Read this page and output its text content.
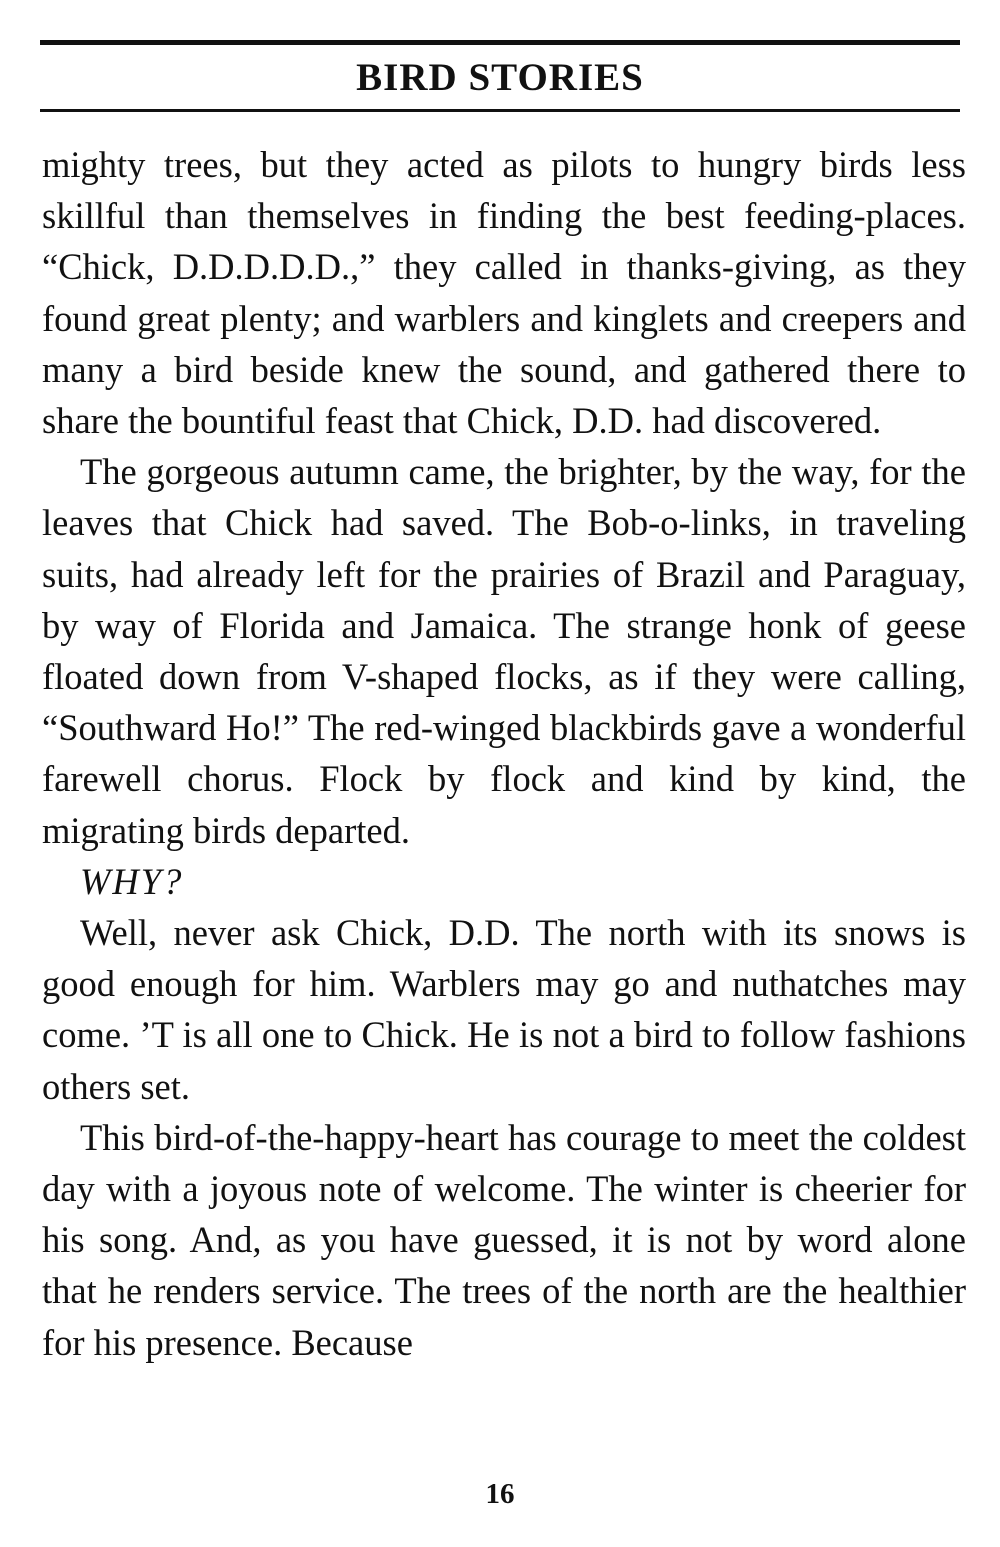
BIRD STORIES

mighty trees, but they acted as pilots to hungry birds less skillful than themselves in finding the best feeding-places. “Chick, D.D.D.D.D.,” they called in thanks-giving, as they found great plenty; and warblers and kinglets and creepers and many a bird beside knew the sound, and gathered there to share the bountiful feast that Chick, D.D. had discovered.

The gorgeous autumn came, the brighter, by the way, for the leaves that Chick had saved. The Bob-o-links, in traveling suits, had already left for the prairies of Brazil and Paraguay, by way of Florida and Jamaica. The strange honk of geese floated down from V-shaped flocks, as if they were calling, “Southward Ho!” The red-winged blackbirds gave a wonderful farewell chorus. Flock by flock and kind by kind, the migrating birds departed.

WHY?

Well, never ask Chick, D.D. The north with its snows is good enough for him. Warblers may go and nuthatches may come. ’T is all one to Chick. He is not a bird to follow fashions others set.

This bird-of-the-happy-heart has courage to meet the coldest day with a joyous note of welcome. The winter is cheerier for his song. And, as you have guessed, it is not by word alone that he renders service. The trees of the north are the healthier for his presence. Because

16
